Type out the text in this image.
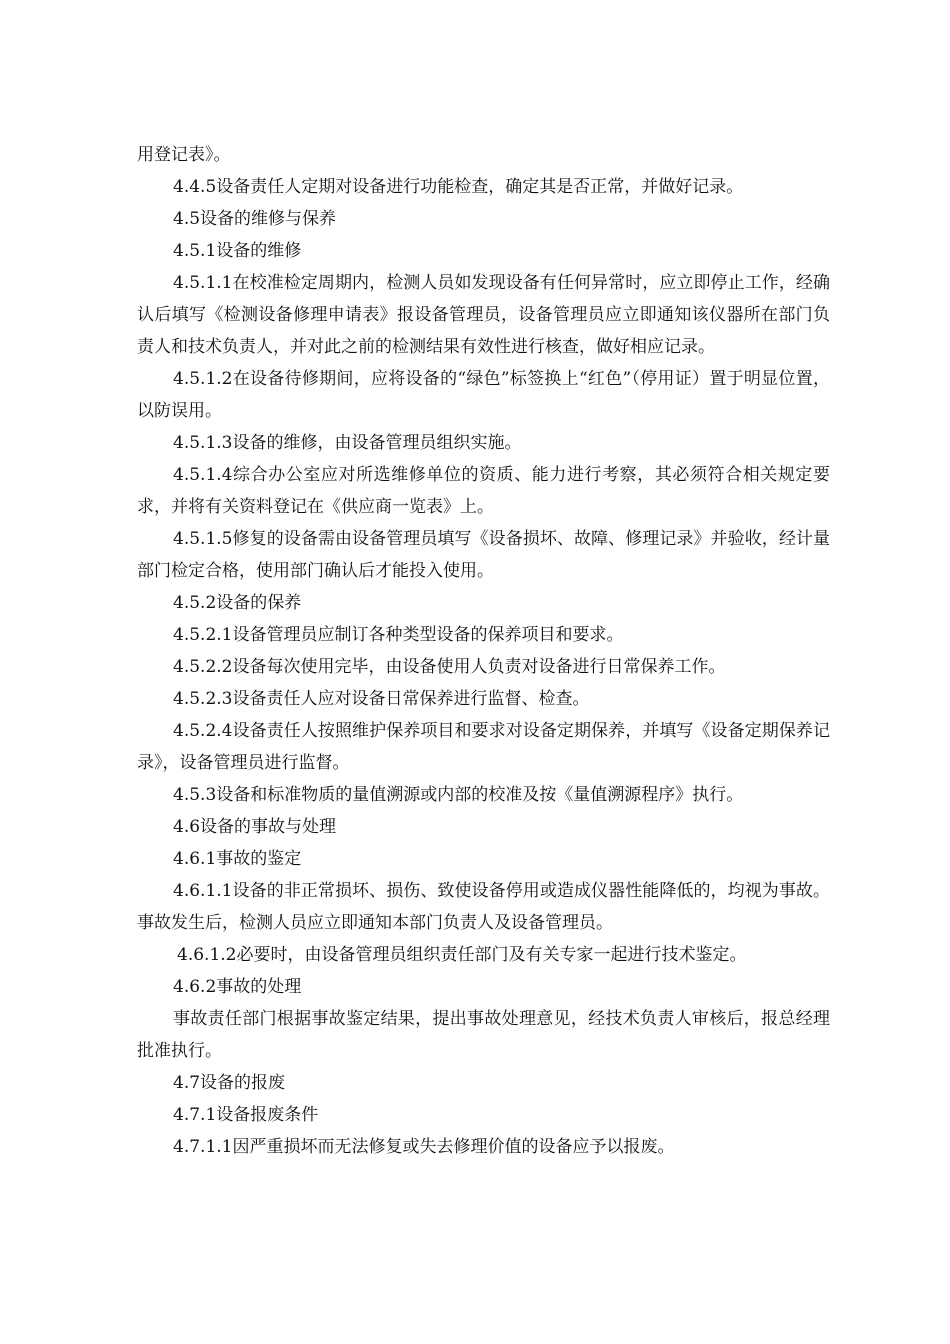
用登记表》。

4.4.5设备责任人定期对设备进行功能检查，确定其是否正常，并做好记录。

4.5设备的维修与保养

4.5.1设备的维修

4.5.1.1在校准检定周期内，检测人员如发现设备有任何异常时，应立即停止工作，经确认后填写《检测设备修理申请表》报设备管理员，设备管理员应立即通知该仪器所在部门负责人和技术负责人，并对此之前的检测结果有效性进行核查，做好相应记录。

4.5.1.2在设备待修期间，应将设备的“绿色”标签换上“红色”（停用证）置于明显位置，以防误用。

4.5.1.3设备的维修，由设备管理员组织实施。

4.5.1.4综合办公室应对所选维修单位的资质、能力进行考察，其必须符合相关规定要求，并将有关资料登记在《供应商一览表》上。

4.5.1.5修复的设备需由设备管理员填写《设备损坏、故障、修理记录》并验收，经计量部门检定合格，使用部门确认后才能投入使用。

4.5.2设备的保养

4.5.2.1设备管理员应制订各种类型设备的保养项目和要求。

4.5.2.2设备每次使用完毕，由设备使用人负责对设备进行日常保养工作。

4.5.2.3设备责任人应对设备日常保养进行监督、检查。

4.5.2.4设备责任人按照维护保养项目和要求对设备定期保养，并填写《设备定期保养记录》，设备管理员进行监督。

4.5.3设备和标准物质的量值溯源或内部的校准及按《量值溯源程序》执行。

4.6设备的事故与处理

4.6.1事故的鉴定

4.6.1.1设备的非正常损坏、损伤、致使设备停用或造成仪器性能降低的，均视为事故。事故发生后，检测人员应立即通知本部门负责人及设备管理员。

4.6.1.2必要时，由设备管理员组织责任部门及有关专家一起进行技术鉴定。

4.6.2事故的处理

事故责任部门根据事故鉴定结果，提出事故处理意见，经技术负责人审核后，报总经理批准执行。

4.7设备的报废

4.7.1设备报废条件

4.7.1.1因严重损坏而无法修复或失去修理价值的设备应予以报废。
